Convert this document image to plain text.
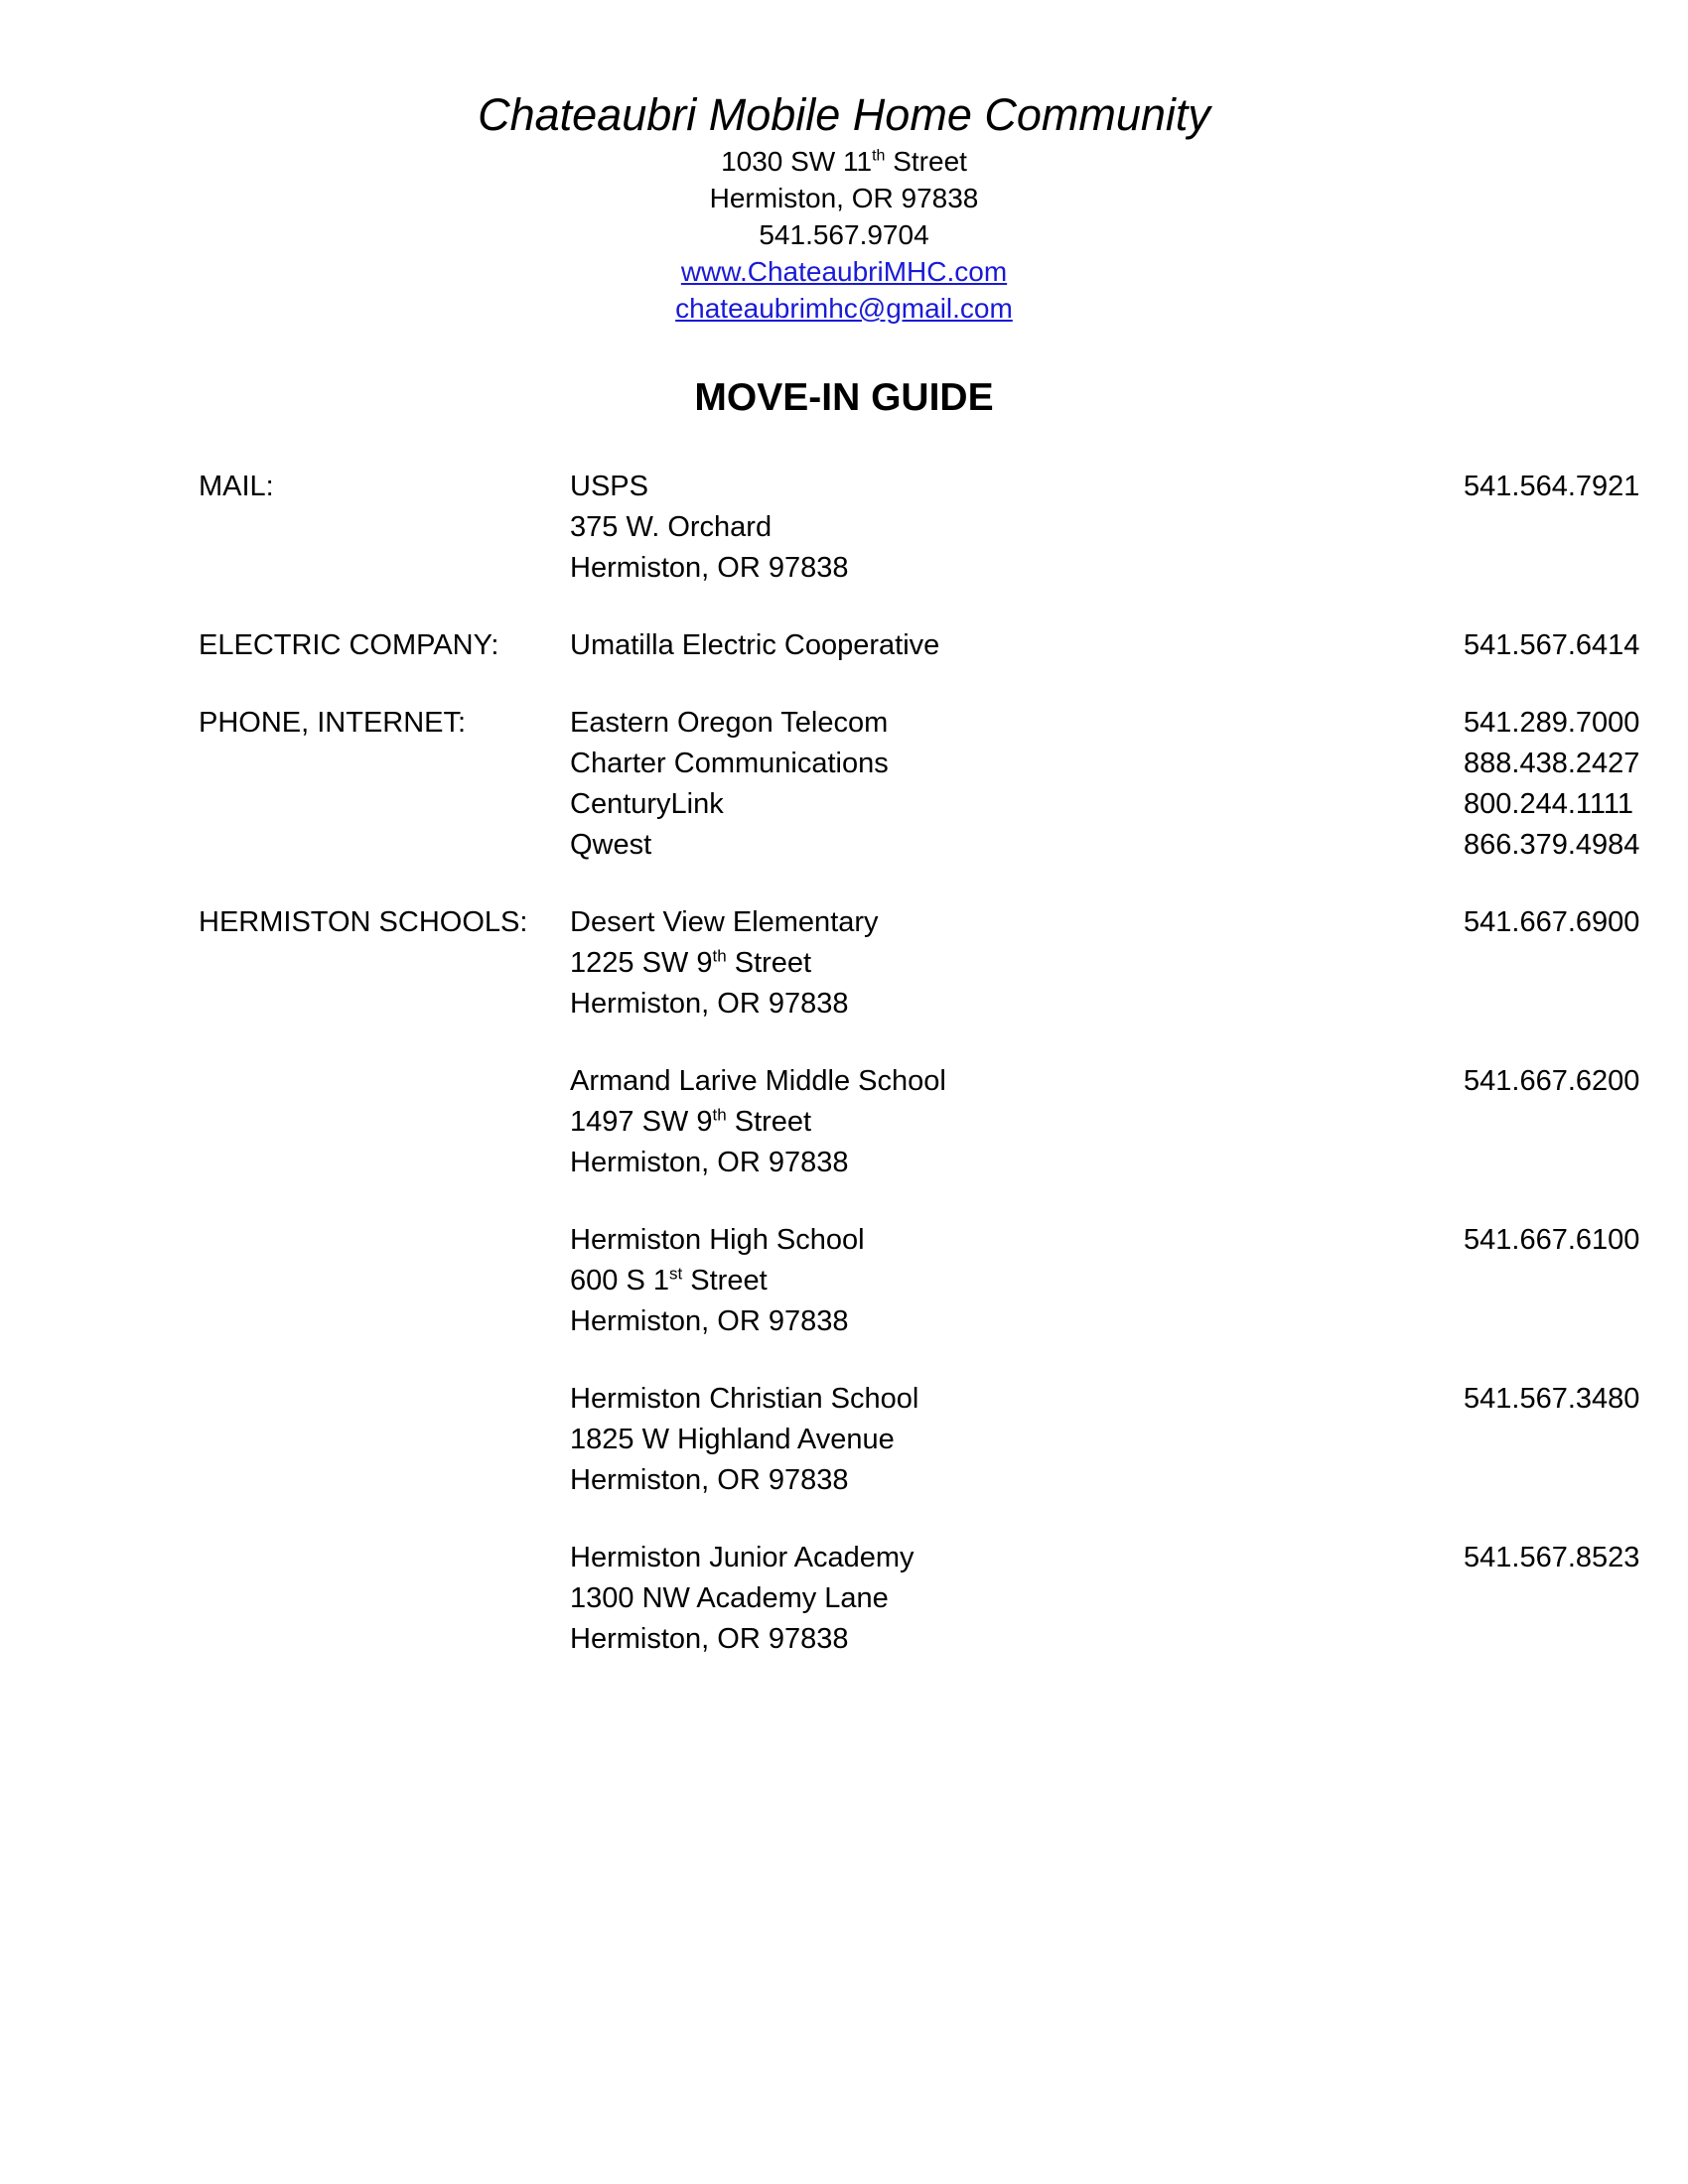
Chateaubri Mobile Home Community

1030 SW 11th Street

Hermiston, OR 97838

541.567.9704

www.ChateaubriMHC.com

chateaubrimhc@gmail.com

MOVE-IN GUIDE
MAIL:	USPS	541.564.7921
375 W. Orchard
Hermiston, OR 97838
ELECTRIC COMPANY: Umatilla Electric Cooperative	541.567.6414
PHONE, INTERNET:	Eastern Oregon Telecom	541.289.7000
Charter Communications	888.438.2427
CenturyLink	800.244.1111
Qwest	866.379.4984
HERMISTON SCHOOLS: Desert View Elementary	541.667.6900
1225 SW 9th Street
Hermiston, OR 97838
Armand Larive Middle School	541.667.6200
1497 SW 9th Street
Hermiston, OR 97838
Hermiston High School	541.667.6100
600 S 1st Street
Hermiston, OR 97838
Hermiston Christian School	541.567.3480
1825 W Highland Avenue
Hermiston, OR 97838
Hermiston Junior Academy	541.567.8523
1300 NW Academy Lane
Hermiston, OR 97838
